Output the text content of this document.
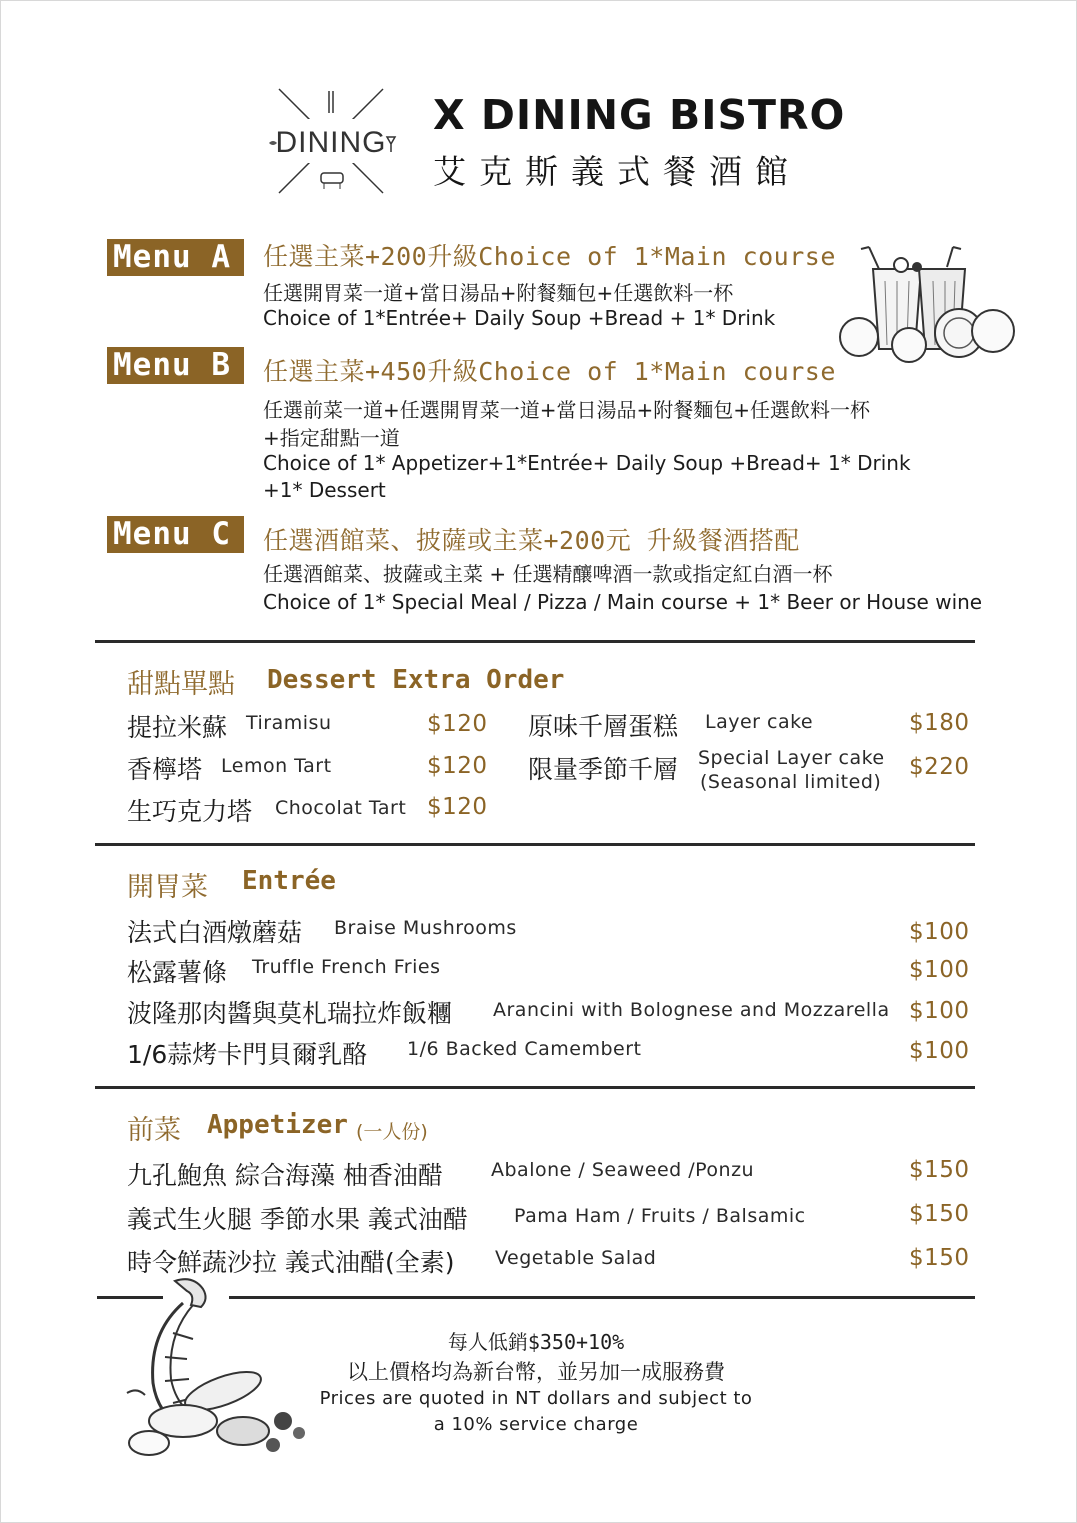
DINING
X DINING BISTRO
艾克斯義式餐酒館
Menu A	任選主菜+200升級Choice of 1*Main course
任選開胃菜一道+當日湯品+附餐麵包+任選飲料一杯
Choice of 1*Entrée+ Daily Soup +Bread + 1* Drink
Menu B	任選主菜+450升級Choice of 1*Main course
任選前菜一道+任選開胃菜一道+當日湯品+附餐麵包+任選飲料一杯
+指定甜點一道
Choice of 1* Appetizer+1*Entrée+ Daily Soup +Bread+ 1* Drink
+1* Dessert
Menu C	任選酒館菜、披薩或主菜+200元 升級餐酒搭配
任選酒館菜、披薩或主菜 + 任選精釀啤酒一款或指定紅白酒一杯
Choice of 1* Special Meal / Pizza / Main course + 1* Beer or House wine
甜點單點 Dessert Extra Order
提拉米蘇 Tiramisu	$120
香檸塔 Lemon Tart	$120
生巧克力塔 Chocolat Tart $120
原味千層蛋糕 Layer cake	$180
限量季節千層 Special Layer cake
(Seasonal limited)
$220
開胃菜 Entrée
法式白酒燉蘑菇 Braise Mushrooms	$100
松露薯條 Truffle French Fries	$100
波隆那肉醬與莫札瑞拉炸飯糰 Arancini with Bolognese and Mozzarella $100
1/6蒜烤卡門貝爾乳酪 1/6 Backed Camembert	$100
前菜 Appetizer (一人份)
九孔鮑魚 綜合海藻 柚香油醋	Abalone / Seaweed /Ponzu	$150
義式生火腿 季節水果 義式油醋 Pama Ham / Fruits / Balsamic	$150
時令鮮蔬沙拉 義式油醋(全素) Vegetable Salad	$150
每人低銷$350+10%
以上價格均為新台幣，並另加一成服務費
Prices are quoted in NT dollars and subject to
a 10% service charge
